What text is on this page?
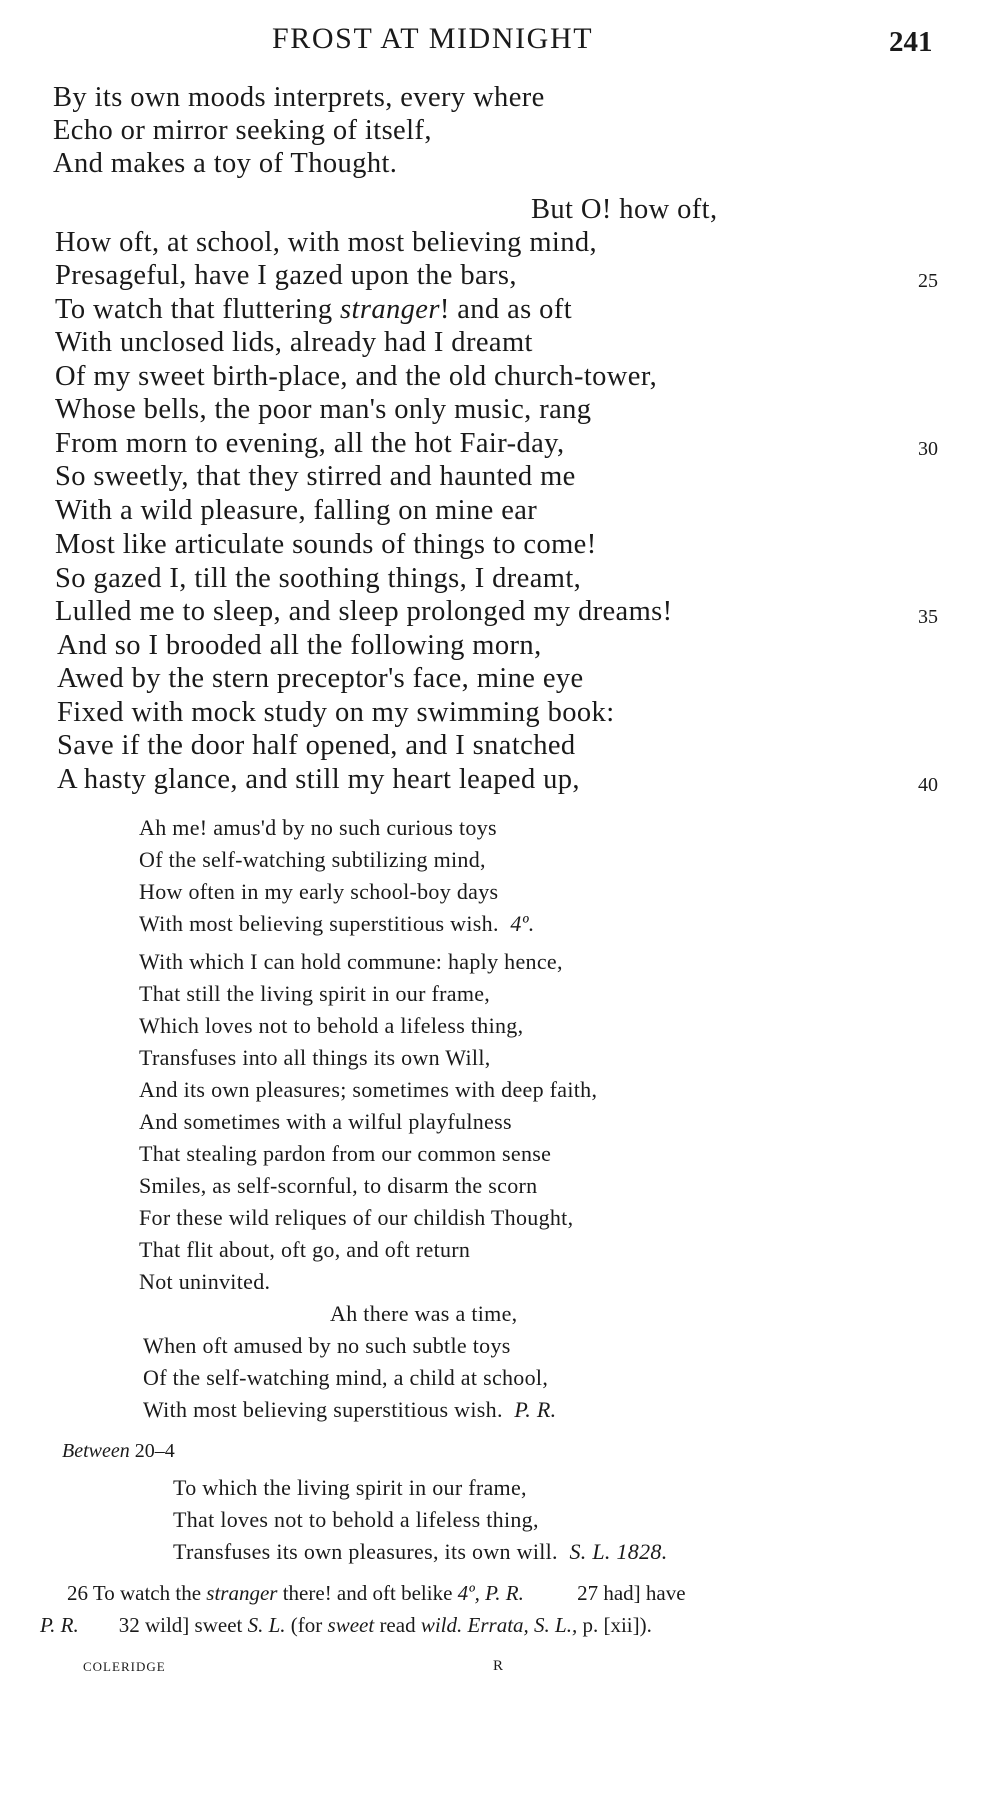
FROST AT MIDNIGHT	241
By its own moods interprets, every where
Echo or mirror seeking of itself,
And makes a toy of Thought.
But O! how oft,
How oft, at school, with most believing mind,
Presageful, have I gazed upon the bars,
To watch that fluttering stranger! and as oft
With unclosed lids, already had I dreamt
Of my sweet birth-place, and the old church-tower,
Whose bells, the poor man's only music, rang
From morn to evening, all the hot Fair-day,
So sweetly, that they stirred and haunted me
With a wild pleasure, falling on mine ear
Most like articulate sounds of things to come!
So gazed I, till the soothing things, I dreamt,
Lulled me to sleep, and sleep prolonged my dreams!
And so I brooded all the following morn,
Awed by the stern preceptor's face, mine eye
Fixed with mock study on my swimming book:
Save if the door half opened, and I snatched
A hasty glance, and still my heart leaped up,
25
30
35
40
Ah me! amus'd by no such curious toys
Of the self-watching subtilizing mind,
How often in my early school-boy days
With most believing superstitious wish. 4º.
With which I can hold commune: haply hence,
That still the living spirit in our frame,
Which loves not to behold a lifeless thing,
Transfuses into all things its own Will,
And its own pleasures; sometimes with deep faith,
And sometimes with a wilful playfulness
That stealing pardon from our common sense
Smiles, as self-scornful, to disarm the scorn
For these wild reliques of our childish Thought,
That flit about, oft go, and oft return
Not uninvited.
Ah there was a time,
When oft amused by no such subtle toys
Of the self-watching mind, a child at school,
With most believing superstitious wish. P. R.
Between 20–4
To which the living spirit in our frame,
That loves not to behold a lifeless thing,
Transfuses its own pleasures, its own will. S. L. 1828.
26 To watch the stranger there! and oft belike 4º, P. R.	27 had] have
P. R. 32 wild] sweet S. L. (for sweet read wild. Errata, S. L., p. [xii]).
COLERIDGE	R
